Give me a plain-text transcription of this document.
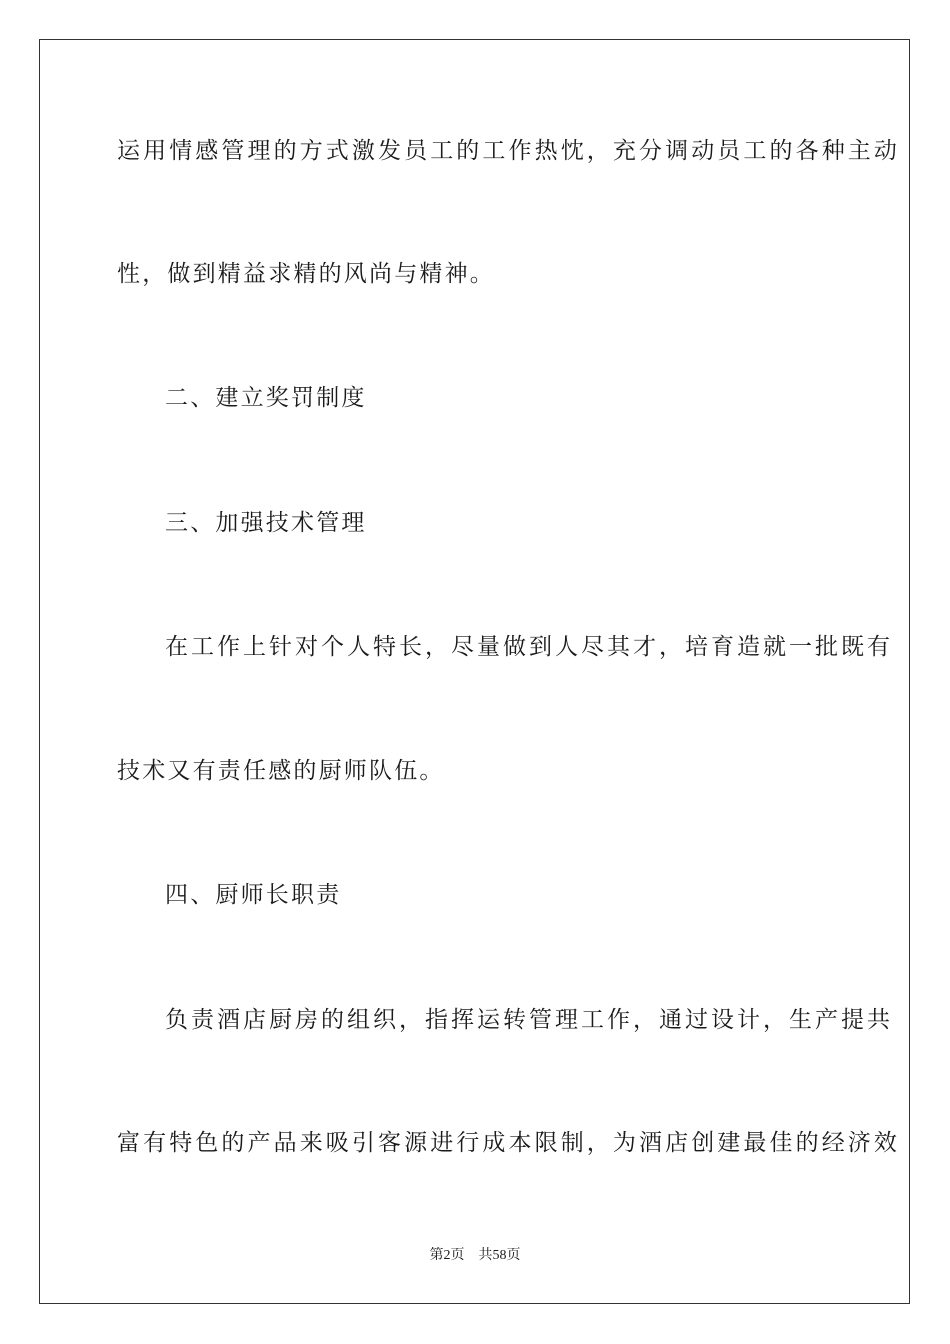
运用情感管理的方式激发员工的工作热忱，充分调动员工的各种主动
性，做到精益求精的风尚与精神。
二、建立奖罚制度
三、加强技术管理
在工作上针对个人特长，尽量做到人尽其才，培育造就一批既有
技术又有责任感的厨师队伍。
四、厨师长职责
负责酒店厨房的组织，指挥运转管理工作，通过设计，生产提共
富有特色的产品来吸引客源进行成本限制，为酒店创建最佳的经济效
第2页 共58页
